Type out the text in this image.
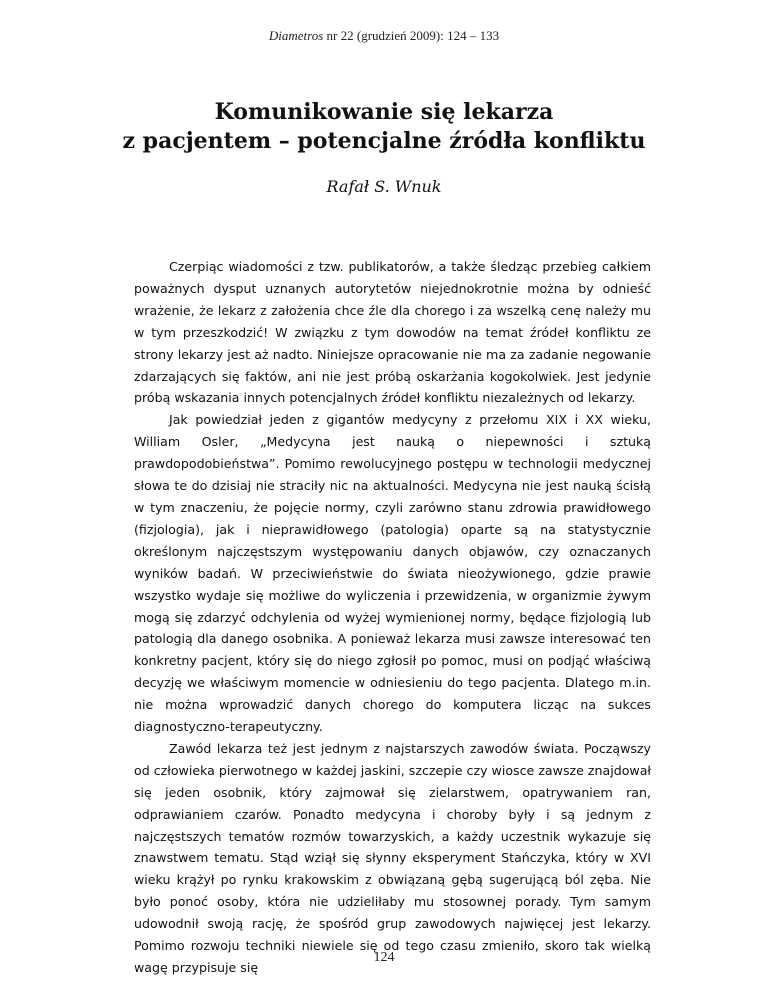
Diametros nr 22 (grudzień 2009): 124 – 133
Komunikowanie się lekarza
z pacjentem – potencjalne źródła konfliktu
Rafał S. Wnuk

Czerpiąc wiadomości z tzw. publikatorów, a także śledząc przebieg całkiem poważnych dysput uznanych autorytetów niejednokrotnie można by odnieść wrażenie, że lekarz z założenia chce źle dla chorego i za wszelką cenę należy mu w tym przeszkodzić! W związku z tym dowodów na temat źródeł konfliktu ze strony lekarzy jest aż nadto. Niniejsze opracowanie nie ma za zadanie negowanie zdarzających się faktów, ani nie jest próbą oskarżania kogokolwiek. Jest jedynie próbą wskazania innych potencjalnych źródeł konfliktu niezależnych od lekarzy.

Jak powiedział jeden z gigantów medycyny z przełomu XIX i XX wieku, William Osler, „Medycyna jest nauką o niepewności i sztuką prawdopodobieństwa”. Pomimo rewolucyjnego postępu w technologii medycznej słowa te do dzisiaj nie straciły nic na aktualności. Medycyna nie jest nauką ścisłą w tym znaczeniu, że pojęcie normy, czyli zarówno stanu zdrowia prawidłowego (fizjologia), jak i nieprawidłowego (patologia) oparte są na statystycznie określonym najczęstszym występowaniu danych objawów, czy oznaczanych wyników badań. W przeciwieństwie do świata nieożywionego, gdzie prawie wszystko wydaje się możliwe do wyliczenia i przewidzenia, w organizmie żywym mogą się zdarzyć odchylenia od wyżej wymienionej normy, będące fizjologią lub patologią dla danego osobnika. A ponieważ lekarza musi zawsze interesować ten konkretny pacjent, który się do niego zgłosił po pomoc, musi on podjąć właściwą decyzję we właściwym momencie w odniesieniu do tego pacjenta. Dlatego m.in. nie można wprowadzić danych chorego do komputera licząc na sukces diagnostyczno-terapeutyczny.

Zawód lekarza też jest jednym z najstarszych zawodów świata. Począwszy od człowieka pierwotnego w każdej jaskini, szczepie czy wiosce zawsze znajdował się jeden osobnik, który zajmował się zielarstwem, opatrywaniem ran, odprawianiem czarów. Ponadto medycyna i choroby były i są jednym z najczęstszych tematów rozmów towarzyskich, a każdy uczestnik wykazuje się znawstwem tematu. Stąd wziął się słynny eksperyment Stańczyka, który w XVI wieku krążył po rynku krakowskim z obwiązaną gębą sugerującą ból zęba. Nie było ponoć osoby, która nie udzieliłaby mu stosownej porady. Tym samym udowodnił swoją rację, że spośród grup zawodowych najwięcej jest lekarzy. Pomimo rozwoju techniki niewiele się od tego czasu zmieniło, skoro tak wielką wagę przypisuje się

124
